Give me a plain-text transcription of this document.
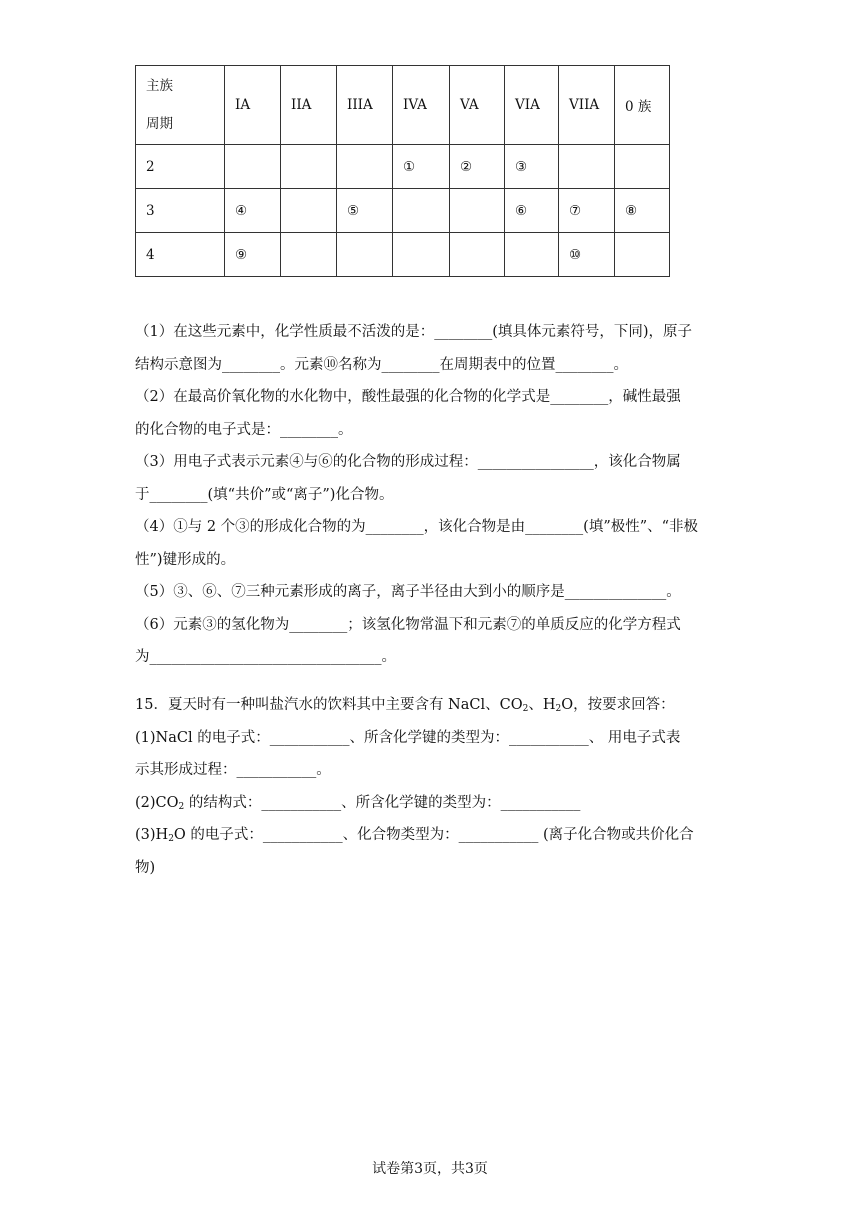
主族
周期	IA	IIA	IIIA	IVA	VA	VIA	VIIA	0 族
2				①	②	③		
3	④		⑤			⑥	⑦	⑧
4	⑨						⑩	
（1）在这些元素中，化学性质最不活泼的是：________(填具体元素符号，下同)，原子
结构示意图为________。元素⑩名称为________在周期表中的位置________。
（2）在最高价氧化物的水化物中，酸性最强的化合物的化学式是________，碱性最强
的化合物的电子式是：________。
（3）用电子式表示元素④与⑥的化合物的形成过程：________________，该化合物属
于________(填“共价”或“离子”)化合物。
（4）①与 2 个③的形成化合物的为________，该化合物是由________(填”极性”、“非极
性”)键形成的。
（5）③、⑥、⑦三种元素形成的离子，离子半径由大到小的顺序是______________。
（6）元素③的氢化物为________；该氢化物常温下和元素⑦的单质反应的化学方程式
为________________________________。
15．夏天时有一种叫盐汽水的饮料其中主要含有 NaCl、$CO_2$、$H_2O$，按要求回答：
(1)NaCl 的电子式：___________、所含化学键的类型为：___________、 用电子式表
示其形成过程：___________。
$(2)CO_2$ 的结构式：___________、所含化学键的类型为：___________
$(3)H_2O$ 的电子式：___________、化合物类型为：___________ (离子化合物或共价化合
物)
试卷第3页，共3页
